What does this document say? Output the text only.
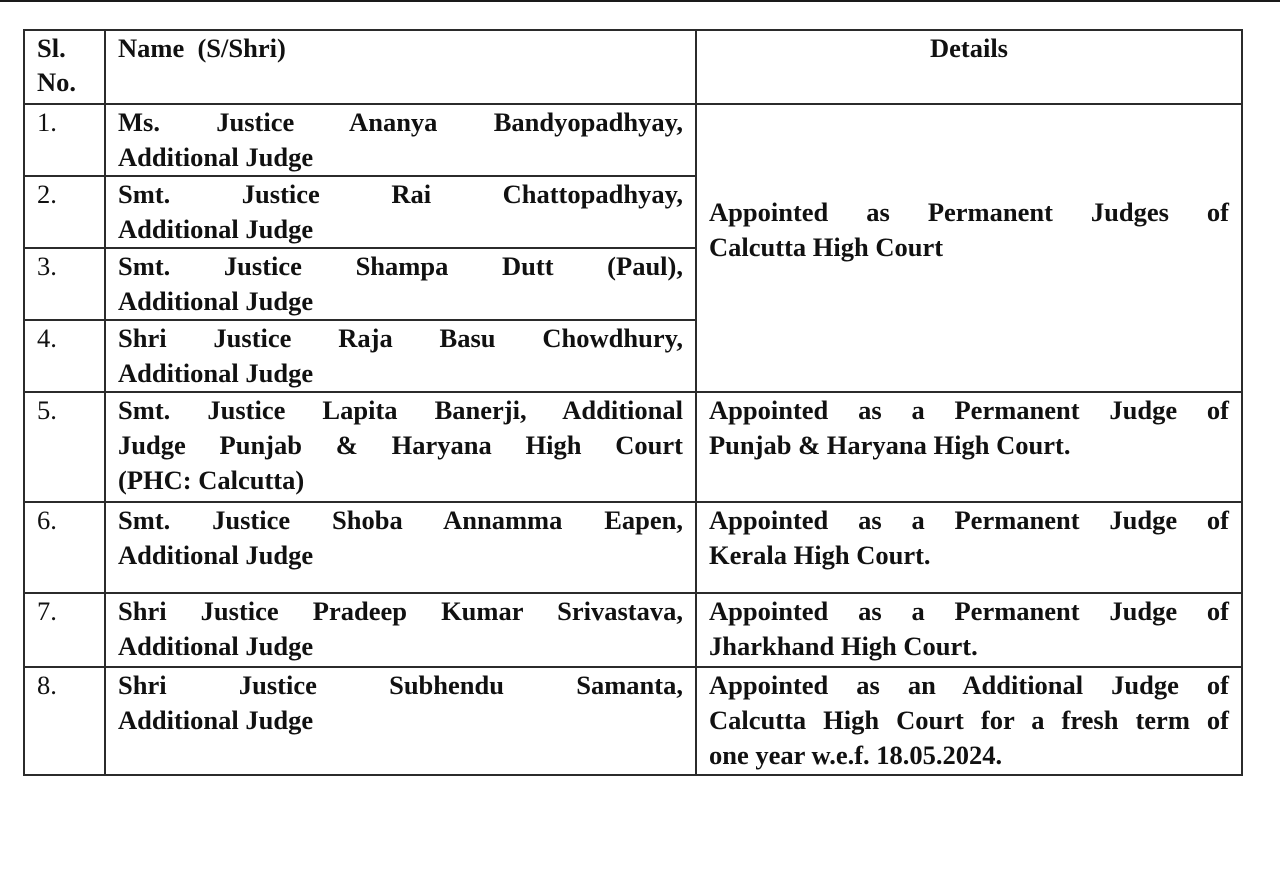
Sl.
No.	Name  (S/Shri)	Details
1.	Ms. Justice Ananya Bandyopadhyay,
Additional Judge	Appointed as Permanent Judges of
Calcutta High Court

2.	Smt. Justice Rai Chattopadhyay,
Additional Judge	

3.	Smt. Justice Shampa Dutt (Paul),
Additional Judge	

4.	Shri Justice Raja Basu Chowdhury,
Additional Judge	

5.	Smt. Justice Lapita Banerji, Additional
Judge Punjab & Haryana High Court
(PHC: Calcutta)	Appointed as a Permanent Judge of
Punjab & Haryana High Court.

6.	Smt. Justice Shoba Annamma Eapen,
Additional Judge	Appointed as a Permanent Judge of
Kerala High Court.

7.	Shri Justice Pradeep Kumar Srivastava,
Additional Judge	Appointed as a Permanent Judge of
Jharkhand High Court.

8.	Shri Justice Subhendu Samanta,
Additional Judge	Appointed as an Additional Judge of
Calcutta High Court for a fresh term of
one year w.e.f. 18.05.2024.
